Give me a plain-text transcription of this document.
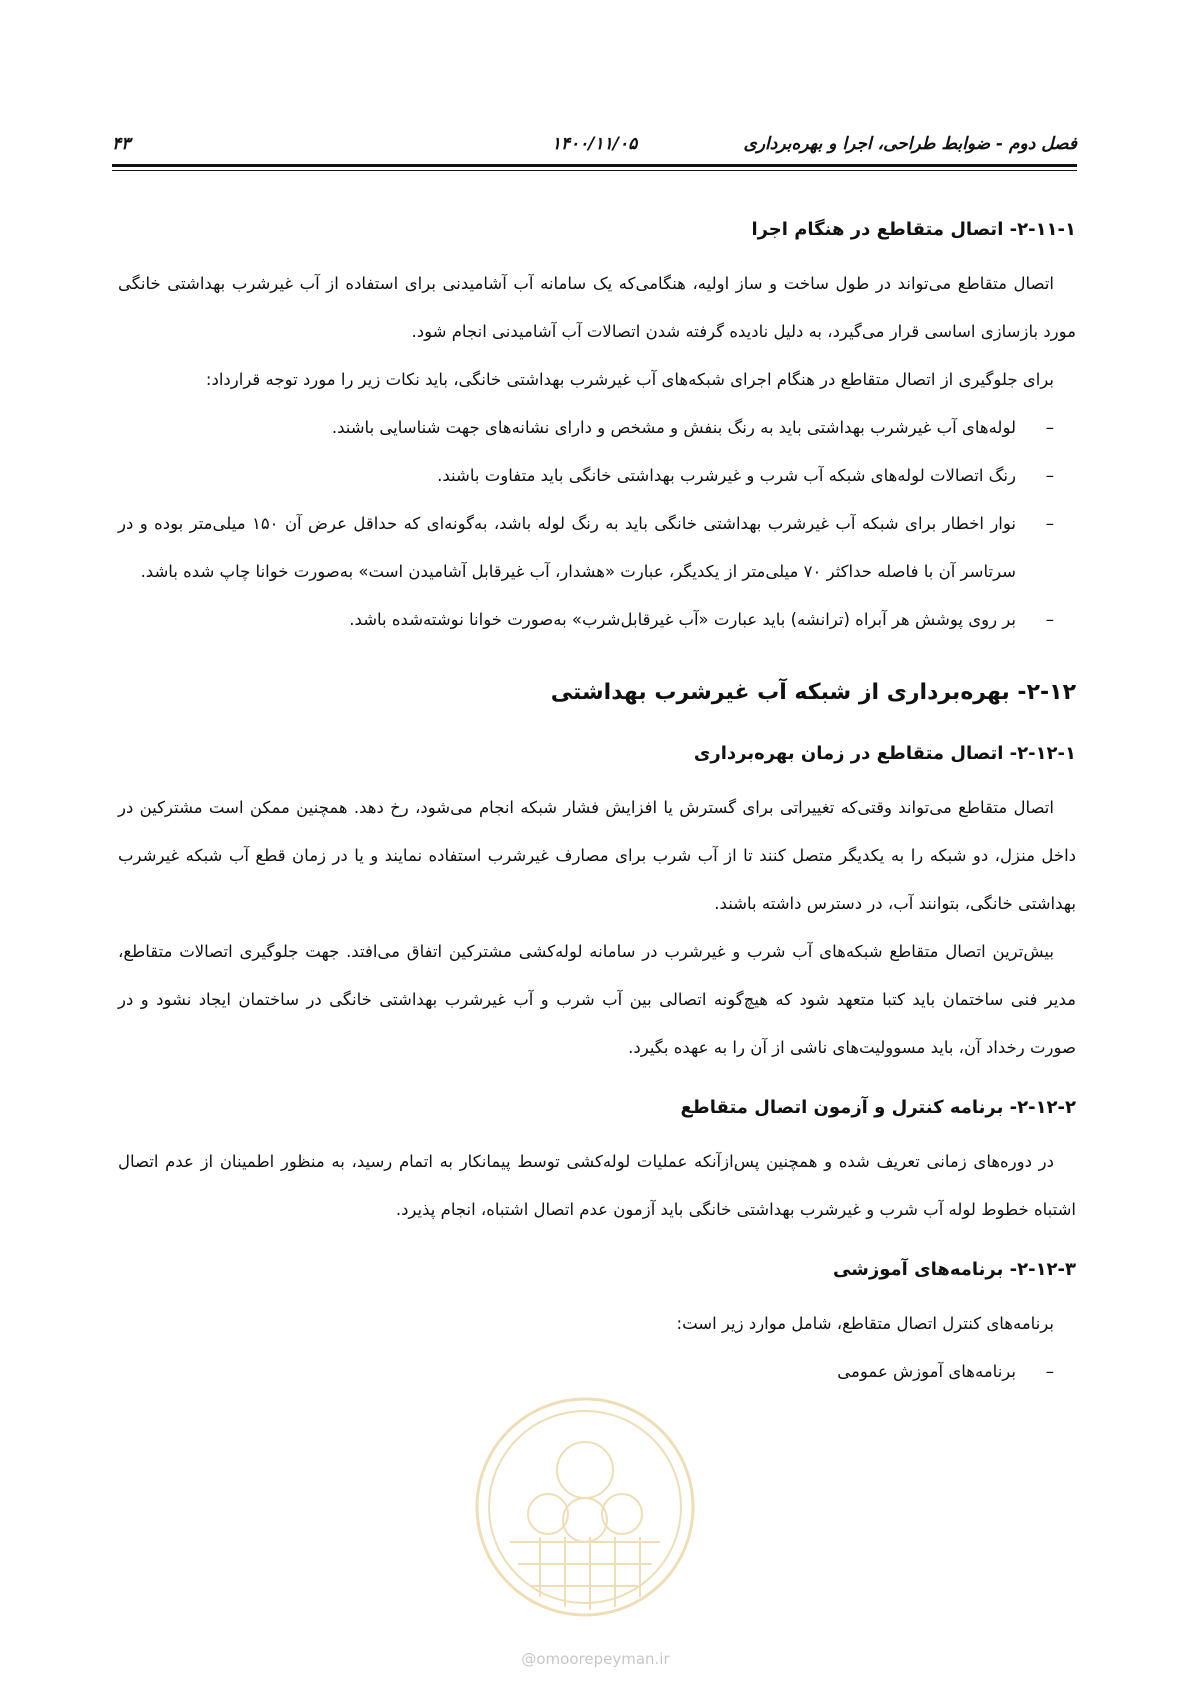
فصل دوم - ضوابط طراحی، اجرا و بهره‌برداری
۱۴۰۰/۱۱/۰۵
۴۳
۲-۱۱-۱- اتصال متقاطع در هنگام اجرا

اتصال متقاطع می‌تواند در طول ساخت و ساز اولیه، هنگامی‌که یک سامانه آب آشامیدنی برای استفاده از آب غیرشرب بهداشتی خانگی مورد بازسازی اساسی قرار می‌گیرد، به دلیل نادیده گرفته شدن اتصالات آب آشامیدنی انجام شود.

برای جلوگیری از اتصال متقاطع در هنگام اجرای شبکه‌های آب غیرشرب بهداشتی خانگی، باید نکات زیر را مورد توجه قرارداد:

– لوله‌های آب غیرشرب بهداشتی باید به رنگ بنفش و مشخص و دارای نشانه‌های جهت شناسایی باشند.
– رنگ اتصالات لوله‌های شبکه آب شرب و غیرشرب بهداشتی خانگی باید متفاوت باشند.
– نوار اخطار برای شبکه آب غیرشرب بهداشتی خانگی باید به رنگ لوله باشد، به‌گونه‌ای که حداقل عرض آن ۱۵۰ میلی‌متر بوده و در سرتاسر آن با فاصله حداکثر ۷۰ میلی‌متر از یکدیگر، عبارت «هشدار، آب غیرقابل آشامیدن است» به‌صورت خوانا چاپ شده باشد.
– بر روی پوشش هر آبراه (ترانشه) باید عبارت «آب غیرقابل‌شرب» به‌صورت خوانا نوشته‌شده باشد.
۲-۱۲- بهره‌برداری از شبکه آب غیرشرب بهداشتی
۲-۱۲-۱- اتصال متقاطع در زمان بهره‌برداری

اتصال متقاطع می‌تواند وقتی‌که تغییراتی برای گسترش یا افزایش فشار شبکه انجام می‌شود، رخ دهد. همچنین ممکن است مشترکین در داخل منزل، دو شبکه را به یکدیگر متصل کنند تا از آب شرب برای مصارف غیرشرب استفاده نمایند و یا در زمان قطع آب شبکه غیرشرب بهداشتی خانگی، بتوانند آب، در دسترس داشته باشند.

بیش‌ترین اتصال متقاطع شبکه‌های آب شرب و غیرشرب در سامانه لوله‌کشی مشترکین اتفاق می‌افتد. جهت جلوگیری اتصالات متقاطع، مدیر فنی ساختمان باید کتبا متعهد شود که هیچ‌گونه اتصالی بین آب شرب و آب غیرشرب بهداشتی خانگی در ساختمان ایجاد نشود و در صورت رخداد آن، باید مسوولیت‌های ناشی از آن را به عهده بگیرد.

۲-۱۲-۲- برنامه کنترل و آزمون اتصال متقاطع

در دوره‌های زمانی تعریف شده و همچنین پس‌ازآنکه عملیات لوله‌کشی توسط پیمانکار به اتمام رسید، به منظور اطمینان از عدم اتصال اشتباه خطوط لوله آب شرب و غیرشرب بهداشتی خانگی باید آزمون عدم اتصال اشتباه، انجام پذیرد.

۲-۱۲-۳- برنامه‌های آموزشی

برنامه‌های کنترل اتصال متقاطع، شامل موارد زیر است:

– برنامه‌های آموزش عمومی
@omoorepeyman.ir
